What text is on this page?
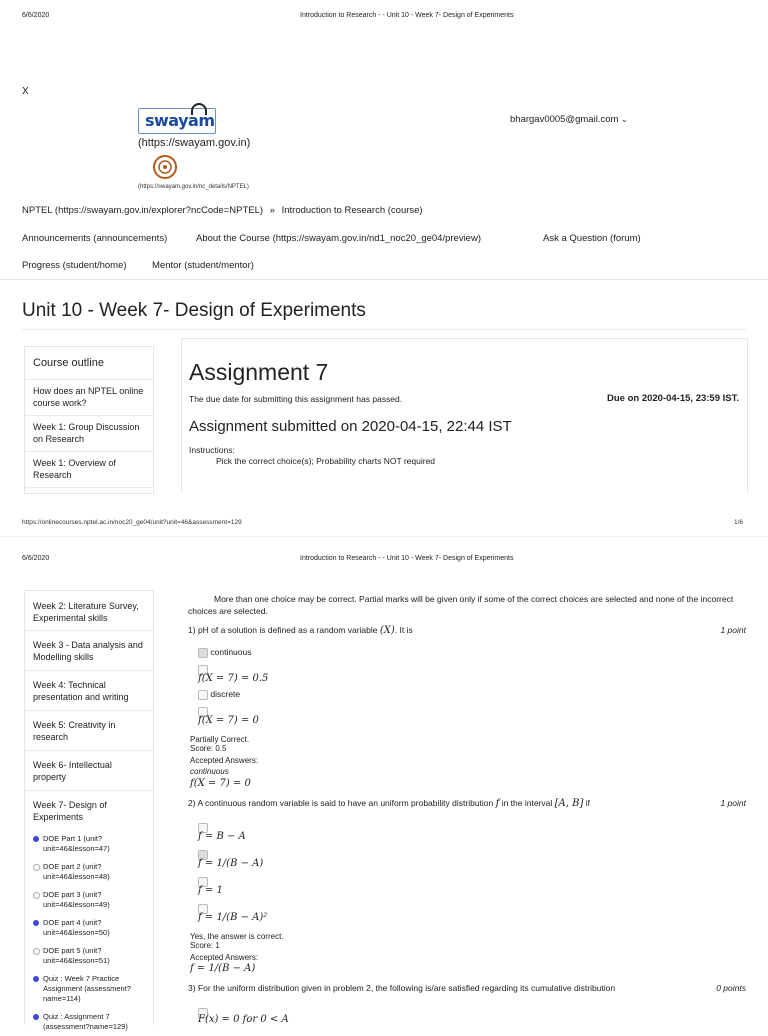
6/6/2020	Introduction to Research - - Unit 10 - Week 7- Design of Experiments
X
swayam
(https://swayam.gov.in)
(https://swayam.gov.in/nc_details/NPTEL)
bhargav0005@gmail.com ⌄
NPTEL (https://swayam.gov.in/explorer?ncCode=NPTEL) » Introduction to Research (course)
Announcements (announcements)	About the Course (https://swayam.gov.in/nd1_noc20_ge04/preview)	Ask a Question (forum)
Progress (student/home)	Mentor (student/mentor)
Unit 10 - Week 7- Design of Experiments
Course outline
How does an NPTEL online course work?
Week 1: Group Discussion on Research
Week 1: Overview of Research
Assignment 7
The due date for submitting this assignment has passed.	Due on 2020-04-15, 23:59 IST.
Assignment submitted on 2020-04-15, 22:44 IST
Instructions:
Pick the correct choice(s); Probability charts NOT required
https://onlinecourses.nptel.ac.in/noc20_ge04/unit?unit=46&assessment=129	1/6
6/6/2020	Introduction to Research - - Unit 10 - Week 7- Design of Experiments
Week 2: Literature Survey, Experimental skills
Week 3 - Data analysis and Modelling skills
Week 4: Technical presentation and writing
Week 5: Creativity in research
Week 6- Intellectual property
Week 7- Design of Experiments
DOE Part 1 (unit?unit=46&lesson=47)
DOE part 2 (unit?unit=46&lesson=48)
DOE part 3 (unit?unit=46&lesson=49)
DOE part 4 (unit?unit=46&lesson=50)
DOE part 5 (unit?unit=46&lesson=51)
Quiz : Week 7 Practice Assignment (assessment?name=114)
Quiz : Assignment 7 (assessment?name=129)
More than one choice may be correct. Partial marks will be given only if some of the correct choices are selected and none of the incorrect choices are selected.
1) pH of a solution is defined as a random variable (X). It is	1 point
continuous
f(X = 7) = 0.5
discrete
f(X = 7) = 0
Partially Correct.
Score: 0.5
Accepted Answers:
continuous
f(X = 7) = 0
2) A continuous random variable is said to have an uniform probability distribution f in the interval [A, B] if	1 point
f = B − A
f = 1/(B − A)
f = 1
f = 1/(B − A)²
Yes, the answer is correct.
Score: 1
Accepted Answers:
f = 1/(B − A)
3) For the uniform distribution given in problem 2, the following is/are satisfied regarding its cumulative distribution	0 points
F(x) = 0 for 0 < A
